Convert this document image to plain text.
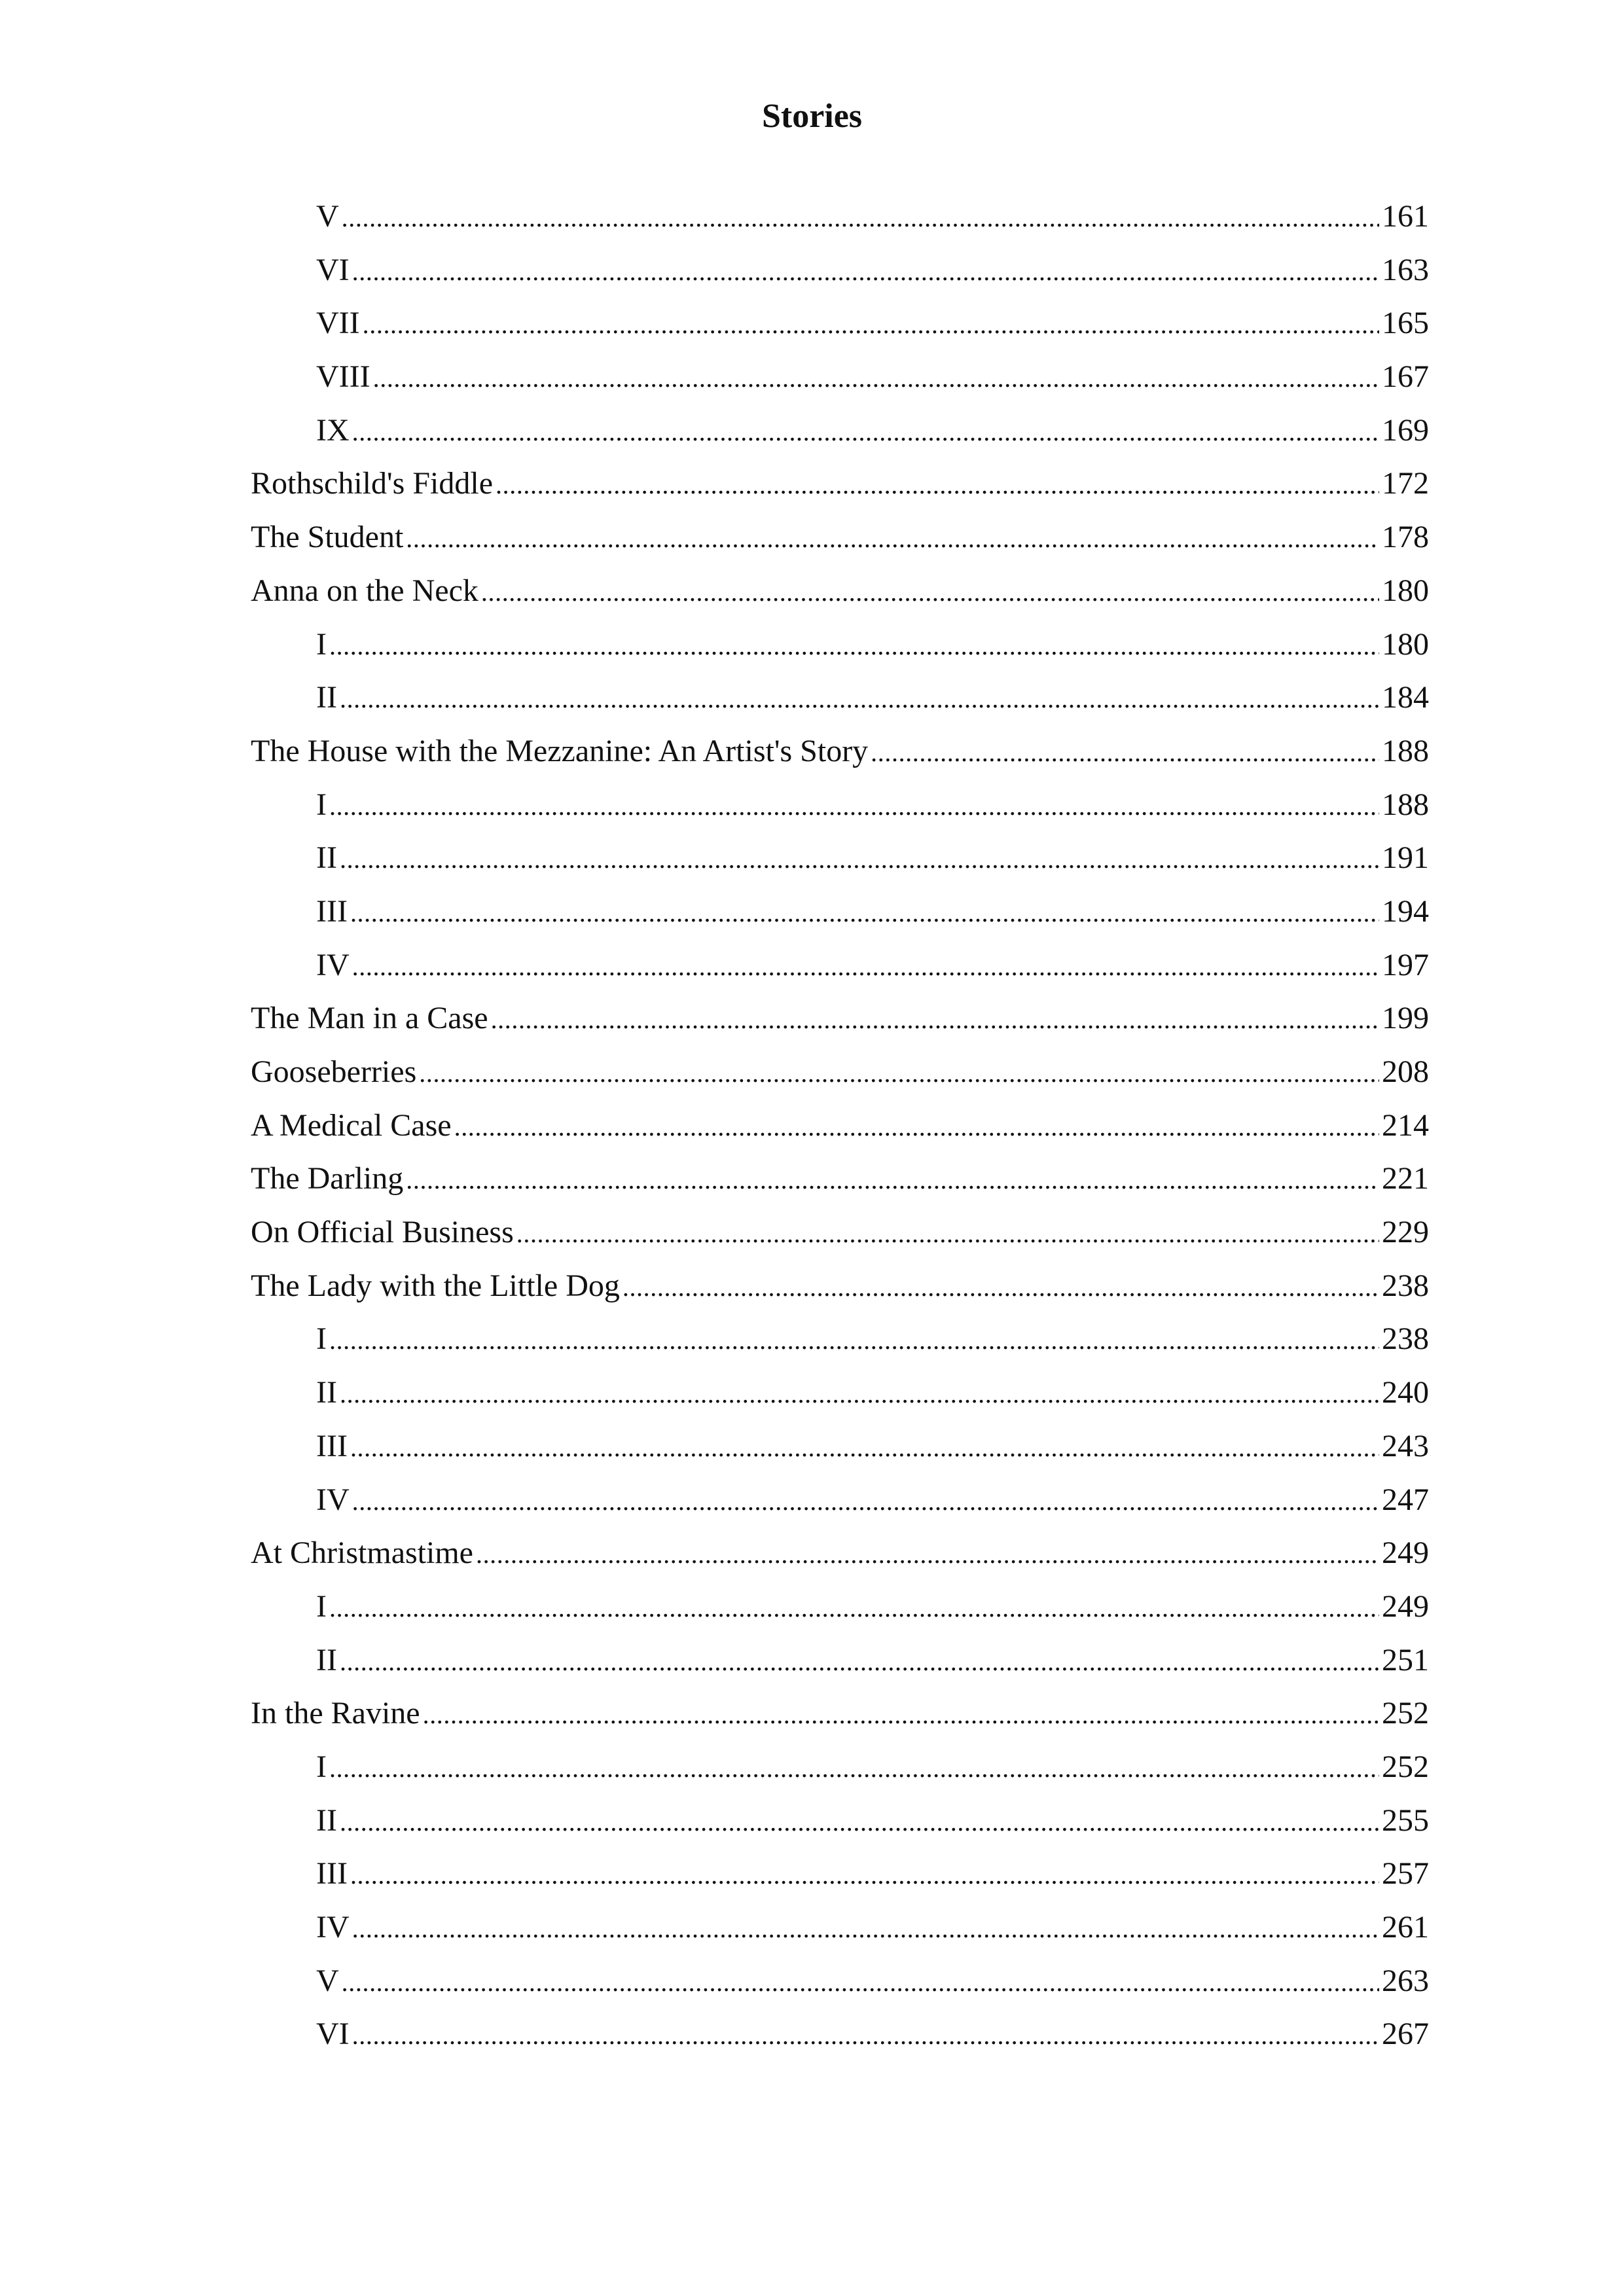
Stories
V .....	161
VI .....	163
VII .....	165
VIII .....	167
IX .....	169
Rothschild's Fiddle .....	172
The Student .....	178
Anna on the Neck .....	180
I .....	180
II .....	184
The House with the Mezzanine: An Artist's Story .....	188
I .....	188
II .....	191
III .....	194
IV .....	197
The Man in a Case .....	199
Gooseberries .....	208
A Medical Case .....	214
The Darling .....	221
On Official Business .....	229
The Lady with the Little Dog .....	238
I .....	238
II .....	240
III .....	243
IV .....	247
At Christmastime .....	249
I .....	249
II .....	251
In the Ravine .....	252
I .....	252
II .....	255
III .....	257
IV .....	261
V .....	263
VI .....	267
